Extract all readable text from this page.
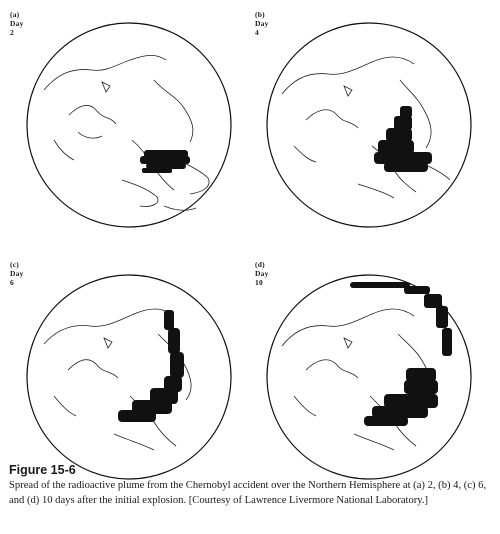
(a) Day 2
(b) Day 4
(c) Day 6
(d) Day 10
Figure 15-6
Spread of the radioactive plume from the Chernobyl accident over the Northern Hemisphere at (a) 2, (b) 4, (c) 6, and (d) 10 days after the initial explosion. [Courtesy of Lawrence Livermore National Laboratory.]
